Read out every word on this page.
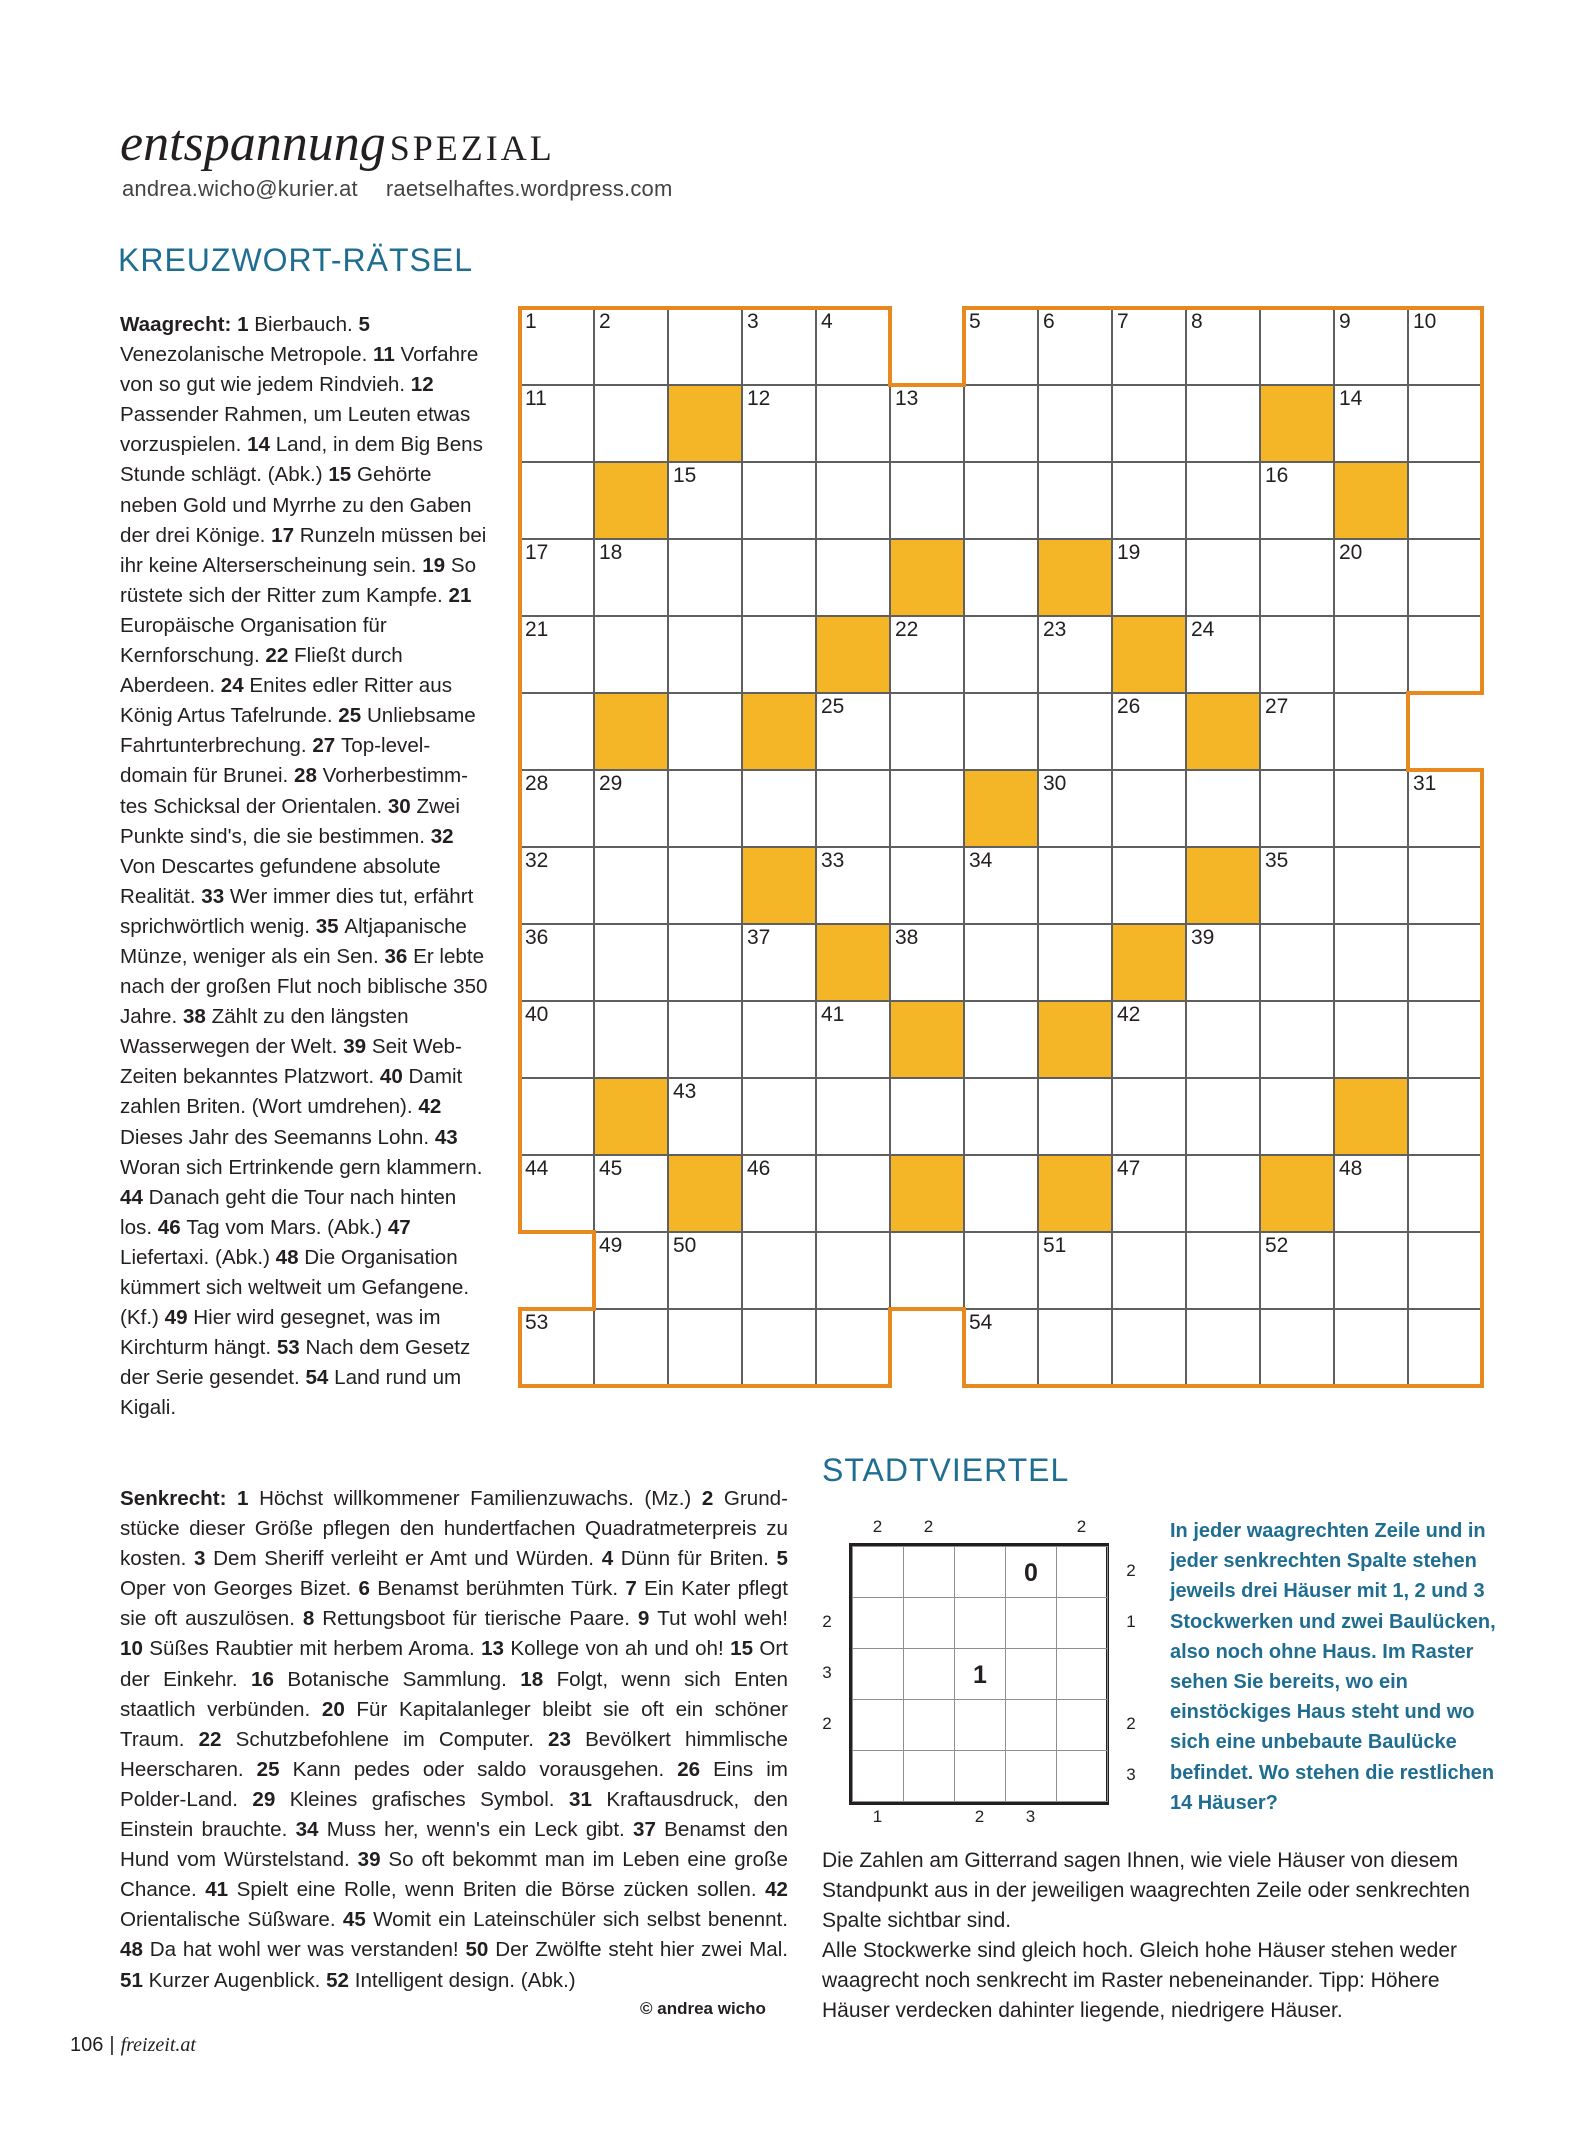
entspannung SPEZIAL
andrea.wicho@kurier.at raetselhaftes.wordpress.com
KREUZWORT-RÄTSEL
Waagrecht: 1 Bierbauch. 5 Venezolanische Metropole. 11 Vorfahre von so gut wie jedem Rindvieh. 12 Passender Rahmen, um Leuten etwas vorzuspielen. 14 Land, in dem Big Bens Stunde schlägt. (Abk.) 15 Gehörte neben Gold und Myrrhe zu den Gaben der drei Könige. 17 Runzeln müssen bei ihr keine Alterserscheinung sein. 19 So rüstete sich der Ritter zum Kampfe. 21 Europäische Organisation für Kernforschung. 22 Fließt durch Aberdeen. 24 Enites edler Ritter aus König Artus Tafelrunde. 25 Unliebsame Fahrtunterbrechung. 27 Top-level-domain für Brunei. 28 Vorherbestimmtes Schicksal der Orientalen. 30 Zwei Punkte sind's, die sie bestimmen. 32 Von Descartes gefundene absolute Realität. 33 Wer immer dies tut, erfährt sprichwörtlich wenig. 35 Altjapanische Münze, weniger als ein Sen. 36 Er lebte nach der großen Flut noch biblische 350 Jahre. 38 Zählt zu den längsten Wasserwegen der Welt. 39 Seit Web-Zeiten bekanntes Platzwort. 40 Damit zahlen Briten. (Wort umdrehen). 42 Dieses Jahr des Seemanns Lohn. 43 Woran sich Ertrinkende gern klammern. 44 Danach geht die Tour nach hinten los. 46 Tag vom Mars. (Abk.) 47 Liefertaxi. (Abk.) 48 Die Organisation kümmert sich weltweit um Gefangene. (Kf.) 49 Hier wird gesegnet, was im Kirchturm hängt. 53 Nach dem Gesetz der Serie gesendet. 54 Land rund um Kigali.
1	2	3	4	5	6	7	8	9	10
11	12	13	14
15	16
17 18	19	20
21	22	23	24
25	26	27
28 29	30	31
32	33	34	35
36	37	38	39
40	41	42
43
44 45	46	47	48
49 50	51	52
53	54
Senkrecht: 1 Höchst willkommener Familienzuwachs. (Mz.) 2 Grundstücke dieser Größe pflegen den hundertfachen Quadratmeterpreis zu kosten. 3 Dem Sheriff verleiht er Amt und Würden. 4 Dünn für Briten. 5 Oper von Georges Bizet. 6 Benamst berühmten Türk. 7 Ein Kater pflegt sie oft auszulösen. 8 Rettungsboot für tierische Paare. 9 Tut wohl weh! 10 Süßes Raubtier mit herbem Aroma. 13 Kollege von ah und oh! 15 Ort der Einkehr. 16 Botanische Sammlung. 18 Folgt, wenn sich Enten staatlich verbünden. 20 Für Kapitalanleger bleibt sie oft ein schöner Traum. 22 Schutzbefohlene im Computer. 23 Bevölkert himmlische Heerscharen. 25 Kann pedes oder saldo vorausgehen. 26 Eins im Polder-Land. 29 Kleines grafisches Symbol. 31 Kraftausdruck, den Einstein brauchte. 34 Muss her, wenn's ein Leck gibt. 37 Benamst den Hund vom Würstelstand. 39 So oft bekommt man im Leben eine große Chance. 41 Spielt eine Rolle, wenn Briten die Börse zücken sollen. 42 Orientalische Süßware. 45 Womit ein Lateinschüler sich selbst benennt. 48 Da hat wohl wer was verstanden! 50 Der Zwölfte steht hier zwei Mal. 51 Kurzer Augenblick. 52 Intelligent design. (Abk.)
© andrea wicho
STADTVIERTEL
2	2	2
1	2	3
2
3
2
2
1
2
3
0
1
In jeder waagrechten Zeile und in jeder senkrechten Spalte stehen jeweils drei Häuser mit 1, 2 und 3 Stockwerken und zwei Baulücken, also noch ohne Haus. Im Raster sehen Sie bereits, wo ein einstöckiges Haus steht und wo sich eine unbebaute Baulücke befindet. Wo stehen die restlichen 14 Häuser?
Die Zahlen am Gitterrand sagen Ihnen, wie viele Häuser von diesem Standpunkt aus in der jeweiligen waagrechten Zeile oder senkrechten Spalte sichtbar sind.
Alle Stockwerke sind gleich hoch. Gleich hohe Häuser stehen weder waagrecht noch senkrecht im Raster nebeneinander. Tipp: Höhere Häuser verdecken dahinter liegende, niedrigere Häuser.
106 | freizeit.at
